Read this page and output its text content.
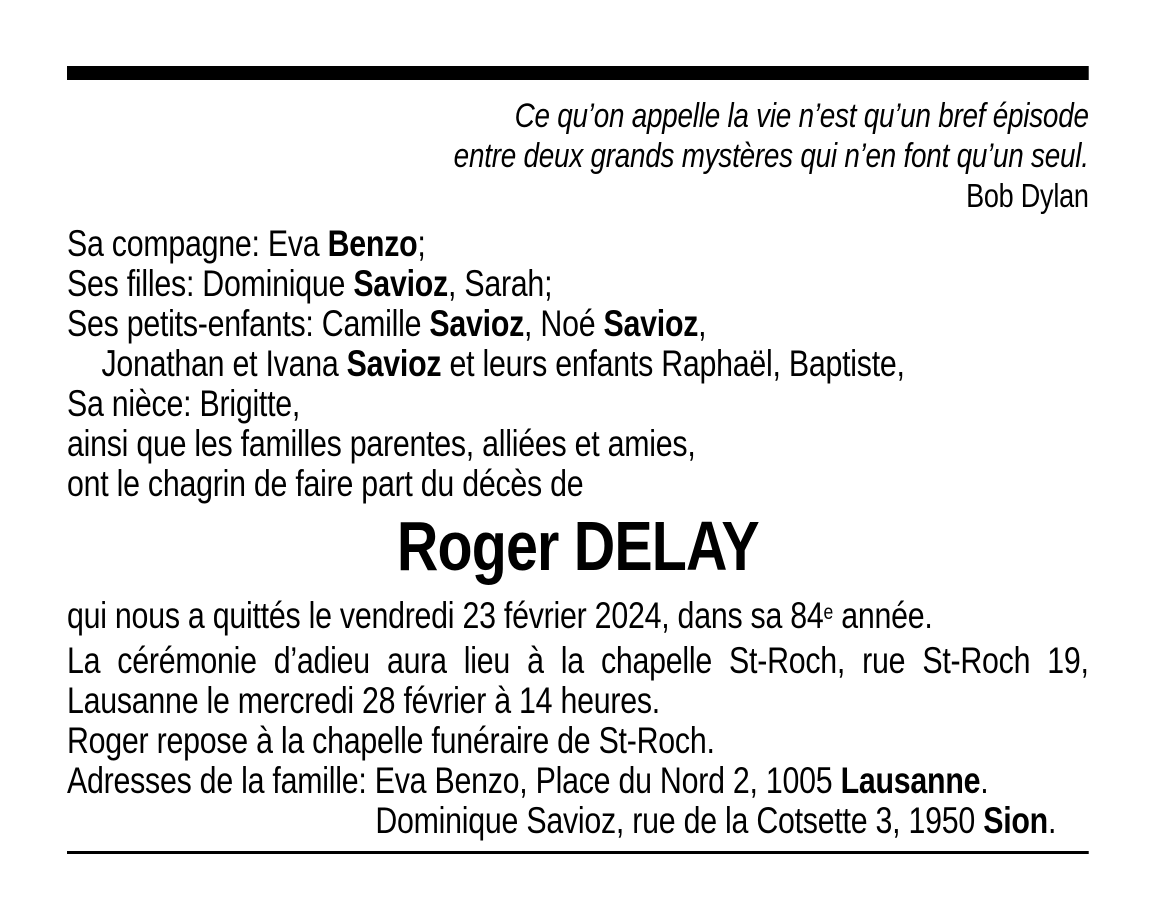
Ce qu’on appelle la vie n’est qu’un bref épisode
entre deux grands mystères qui n’en font qu’un seul.
Bob Dylan
Sa compagne: Eva Benzo;
Ses filles: Dominique Savioz, Sarah;
Ses petits-enfants: Camille Savioz, Noé Savioz,
Jonathan et Ivana Savioz et leurs enfants Raphaël, Baptiste,
Sa nièce: Brigitte,
ainsi que les familles parentes, alliées et amies,
ont le chagrin de faire part du décès de
Roger DELAY
qui nous a quittés le vendredi 23 février 2024, dans sa 84e année.
La cérémonie d’adieu aura lieu à la chapelle St-Roch, rue St-Roch 19,
Lausanne le mercredi 28 février à 14 heures.
Roger repose à la chapelle funéraire de St-Roch.
Adresses de la famille: Eva Benzo, Place du Nord 2, 1005 Lausanne.
Dominique Savioz, rue de la Cotsette 3, 1950 Sion.
